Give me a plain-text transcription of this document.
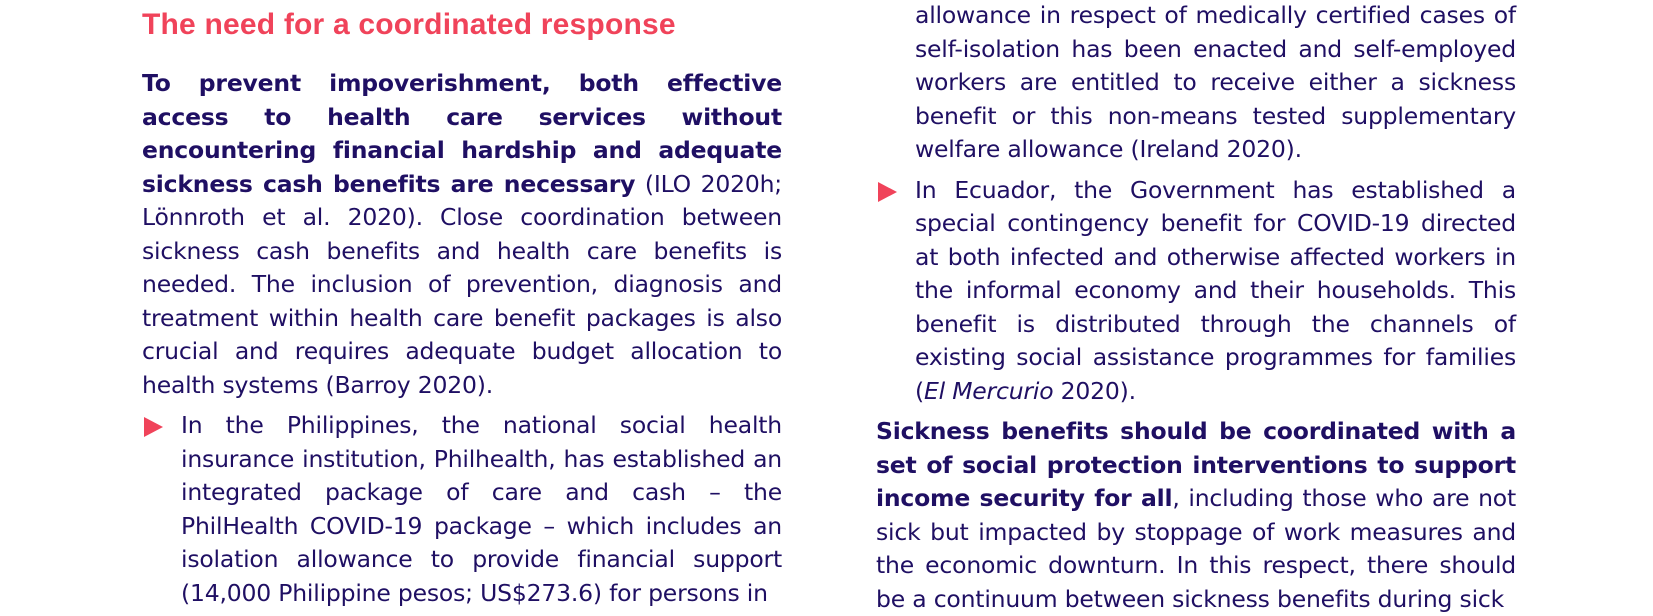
The need for a coordinated response

To prevent impoverishment, both effective access to health care services without encountering financial hardship and adequate sickness cash benefits are necessary (ILO 2020h; Lönnroth et al. 2020). Close coordination between sickness cash benefits and health care benefits is needed. The inclusion of prevention, diagnosis and treatment within health care benefit packages is also crucial and requires adequate budget allocation to health systems (Barroy 2020).

In the Philippines, the national social health insurance institution, Philhealth, has established an integrated package of care and cash – the PhilHealth COVID-19 package – which includes an isolation allowance to provide financial support (14,000 Philippine pesos; US$273.6) for persons in

allowance in respect of medically certified cases of self-isolation has been enacted and self-employed workers are entitled to receive either a sickness benefit or this non-means tested supplementary welfare allowance (Ireland 2020).

In Ecuador, the Government has established a special contingency benefit for COVID-19 directed at both infected and otherwise affected workers in the informal economy and their households. This benefit is distributed through the channels of existing social assistance programmes for families (El Mercurio 2020).

Sickness benefits should be coordinated with a set of social protection interventions to support income security for all, including those who are not sick but impacted by stoppage of work measures and the economic downturn. In this respect, there should be a continuum between sickness benefits during sick
